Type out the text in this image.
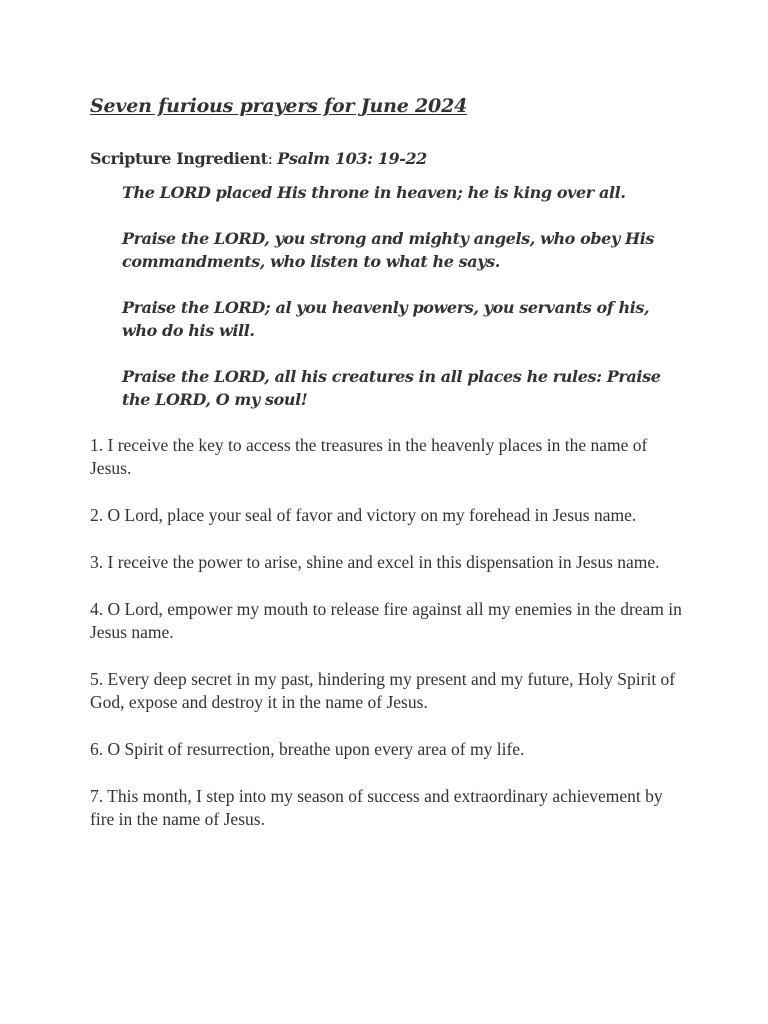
Seven furious prayers for June 2024
Scripture Ingredient: Psalm 103: 19-22

The LORD placed His throne in heaven; he is king over all.

Praise the LORD, you strong and mighty angels, who obey His commandments, who listen to what he says.

Praise the LORD; al you heavenly powers, you servants of his, who do his will.

Praise the LORD, all his creatures in all places he rules: Praise the LORD, O my soul!

1. I receive the key to access the treasures in the heavenly places in the name of Jesus.

2. O Lord, place your seal of favor and victory on my forehead in Jesus name.

3. I receive the power to arise, shine and excel in this dispensation in Jesus name.

4. O Lord, empower my mouth to release fire against all my enemies in the dream in Jesus name.

5. Every deep secret in my past, hindering my present and my future, Holy Spirit of God, expose and destroy it in the name of Jesus.

6. O Spirit of resurrection, breathe upon every area of my life.

7. This month, I step into my season of success and extraordinary achievement by fire in the name of Jesus.
